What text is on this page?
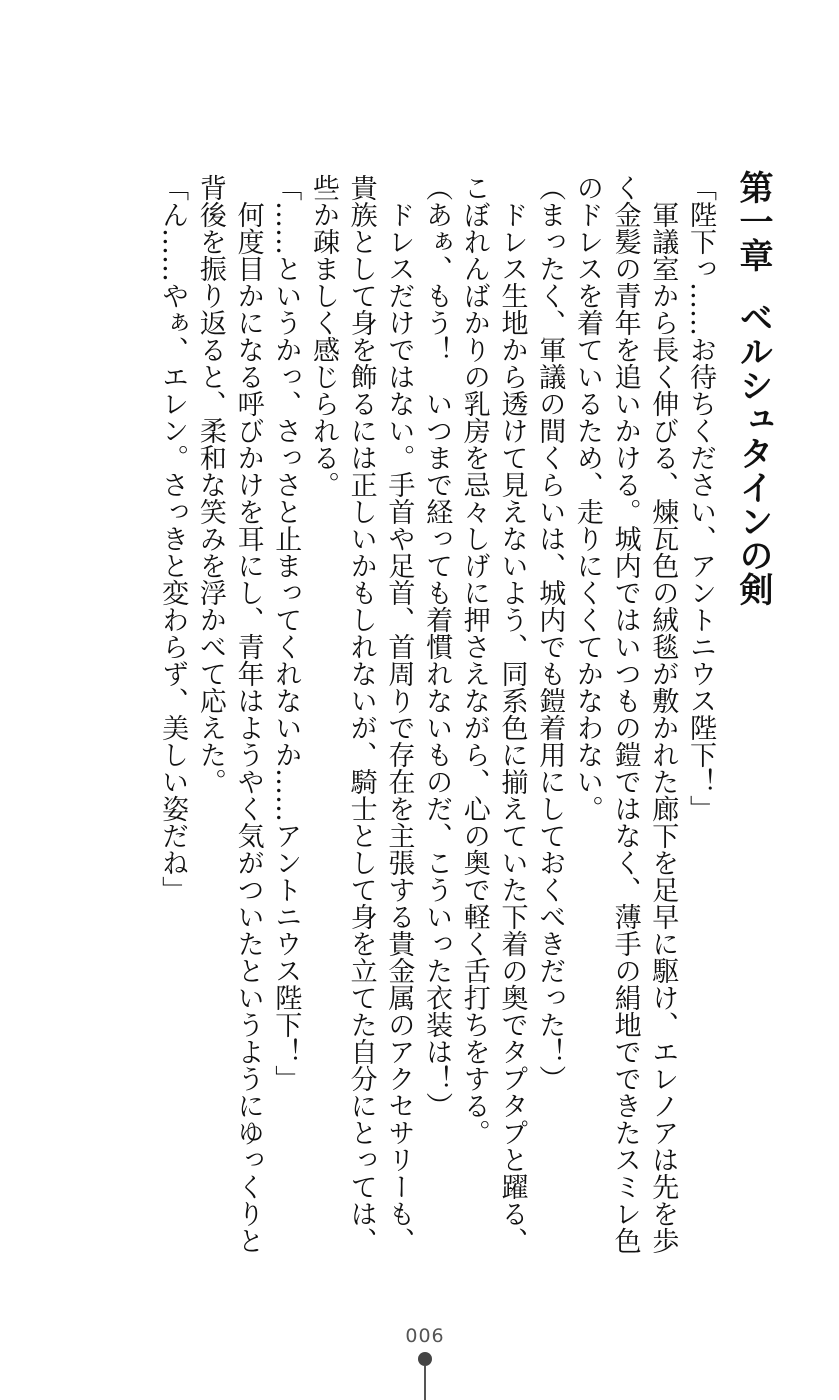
第一章ベルシュタインの剣
「陛下っ……お待ちください、アントニウス陛下！」
　軍議室から長く伸びる、煉瓦色の絨毯が敷かれた廊下を足早に駆け、エレノアは先を歩
く金髪の青年を追いかける。城内ではいつもの鎧ではなく、薄手の絹地でできたスミレ色
のドレスを着ているため、走りにくくてかなわない。
（まったく、軍議の間くらいは、城内でも鎧着用にしておくべきだった！）
　ドレス生地から透けて見えないよう、同系色に揃えていた下着の奥でタプタプと躍る、
こぼれんばかりの乳房を忌々しげに押さえながら、心の奥で軽く舌打ちをする。
（あぁ、もう！　いつまで経っても着慣れないものだ、こういった衣装は！）
　ドレスだけではない。手首や足首、首周りで存在を主張する貴金属のアクセサリーも、
貴族として身を飾るには正しいかもしれないが、騎士として身を立てた自分にとっては、
些か疎ましく感じられる。
「……というかっ、さっさと止まってくれないか……アントニウス陛下！」
　何度目かになる呼びかけを耳にし、青年はようやく気がついたというようにゆっくりと
背後を振り返ると、柔和な笑みを浮かべて応えた。
「ん……やぁ、エレン。さっきと変わらず、美しい姿だね」
006
